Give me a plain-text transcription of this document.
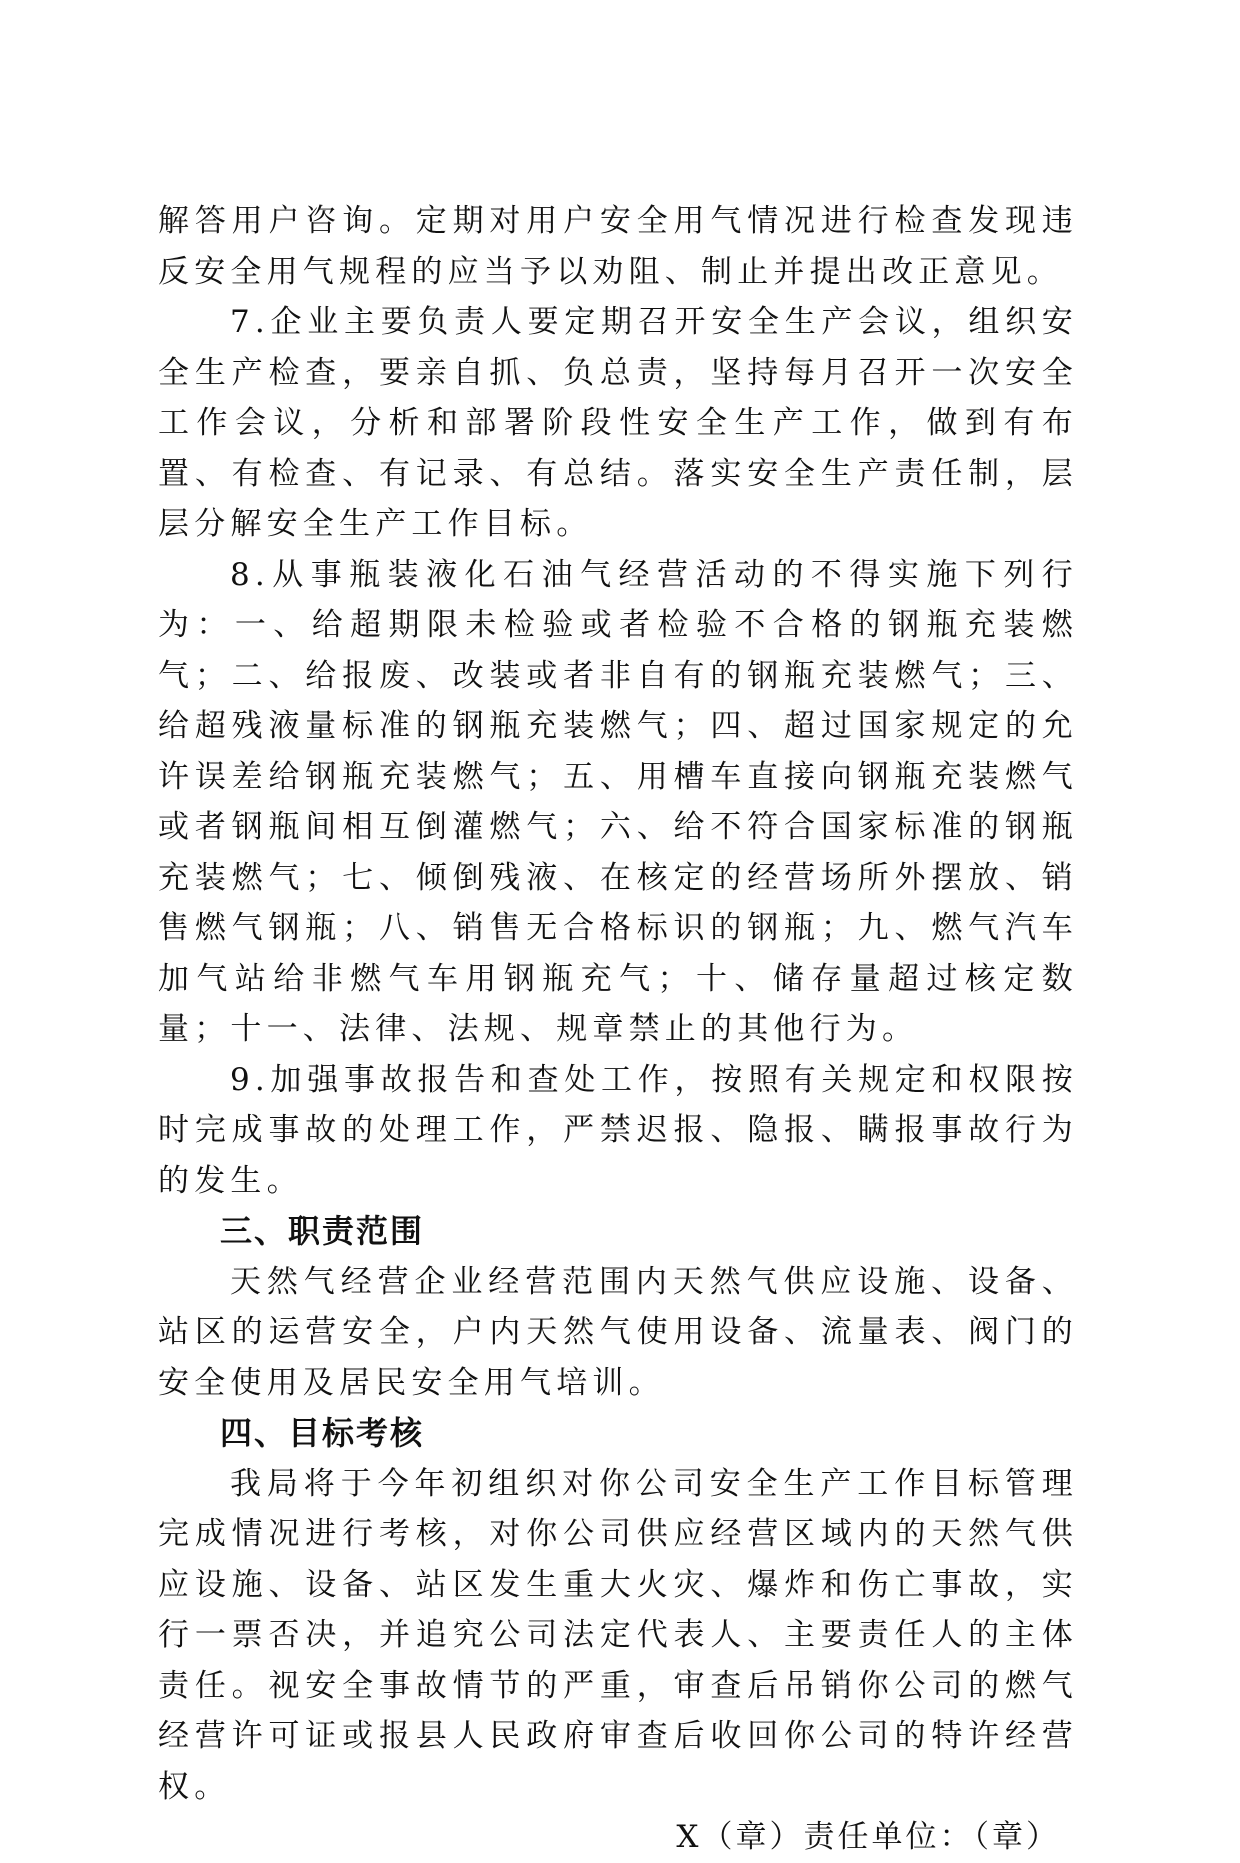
解答用户咨询。定期对用户安全用气情况进行检查发现违反安全用气规程的应当予以劝阻、制止并提出改正意见。

7.企业主要负责人要定期召开安全生产会议，组织安全生产检查，要亲自抓、负总责，坚持每月召开一次安全工作会议，分析和部署阶段性安全生产工作，做到有布置、有检查、有记录、有总结。落实安全生产责任制，层层分解安全生产工作目标。

8.从事瓶装液化石油气经营活动的不得实施下列行为：一、给超期限未检验或者检验不合格的钢瓶充装燃气；二、给报废、改装或者非自有的钢瓶充装燃气；三、给超残液量标准的钢瓶充装燃气；四、超过国家规定的允许误差给钢瓶充装燃气；五、用槽车直接向钢瓶充装燃气或者钢瓶间相互倒灌燃气；六、给不符合国家标准的钢瓶充装燃气；七、倾倒残液、在核定的经营场所外摆放、销售燃气钢瓶；八、销售无合格标识的钢瓶；九、燃气汽车加气站给非燃气车用钢瓶充气；十、储存量超过核定数量；十一、法律、法规、规章禁止的其他行为。

9.加强事故报告和查处工作，按照有关规定和权限按时完成事故的处理工作，严禁迟报、隐报、瞒报事故行为的发生。

三、职责范围

天然气经营企业经营范围内天然气供应设施、设备、站区的运营安全，户内天然气使用设备、流量表、阀门的安全使用及居民安全用气培训。

四、目标考核

我局将于今年初组织对你公司安全生产工作目标管理完成情况进行考核，对你公司供应经营区域内的天然气供应设施、设备、站区发生重大火灾、爆炸和伤亡事故，实行一票否决，并追究公司法定代表人、主要责任人的主体责任。视安全事故情节的严重，审查后吊销你公司的燃气经营许可证或报县人民政府审查后收回你公司的特许经营权。

X（章）责任单位：（章）
